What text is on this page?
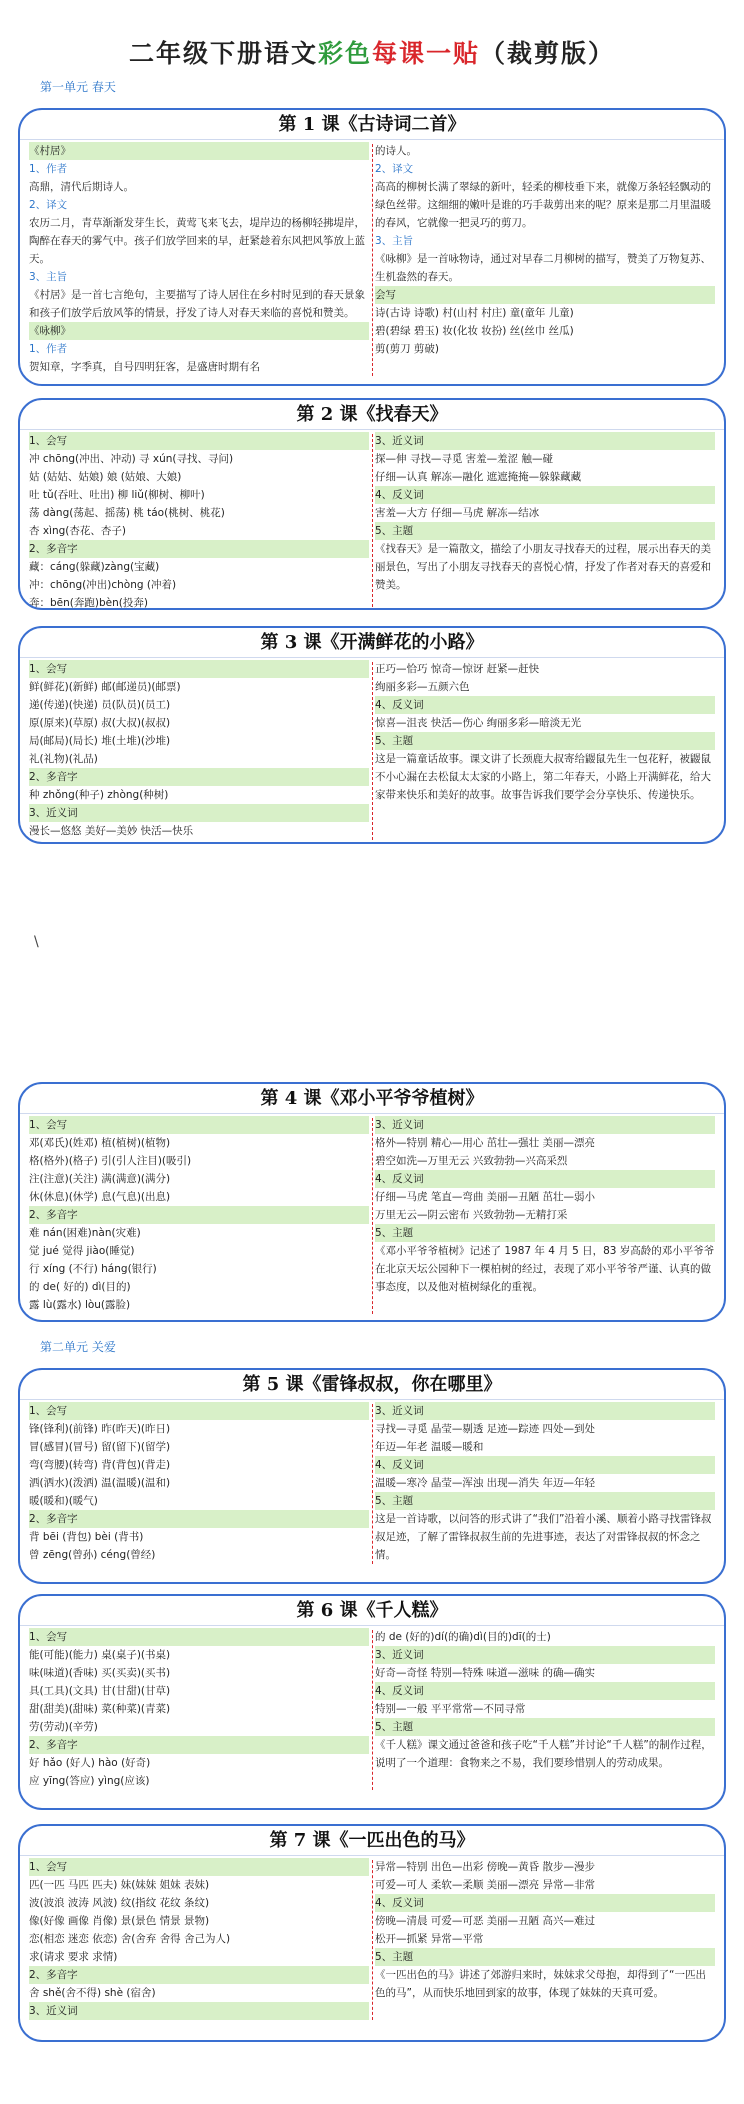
二年级下册语文彩色每课一贴（裁剪版）
第一单元 春天
第二单元 关爱
\
第 1 课《古诗词二首》
《村居》
1、作者
高鼎，清代后期诗人。
2、译文
农历二月，青草渐渐发芽生长，黄莺飞来飞去，堤岸边的杨柳轻拂堤岸，陶醉在春天的雾气中。孩子们放学回来的早，赶紧趁着东风把风筝放上蓝天。
3、主旨
《村居》是一首七言绝句，主要描写了诗人居住在乡村时见到的春天景象和孩子们放学后放风筝的情景，抒发了诗人对春天来临的喜悦和赞美。
《咏柳》
1、作者
贺知章，字季真，自号四明狂客，是盛唐时期有名
的诗人。
2、译文
高高的柳树长满了翠绿的新叶，轻柔的柳枝垂下来，就像万条轻轻飘动的绿色丝带。这细细的嫩叶是谁的巧手裁剪出来的呢？原来是那二月里温暖的春风，它就像一把灵巧的剪刀。
3、主旨
《咏柳》是一首咏物诗，通过对早春二月柳树的描写，赞美了万物复苏、生机盎然的春天。
会写
诗(古诗 诗歌) 村(山村 村庄) 童(童年 儿童)
碧(碧绿 碧玉) 妆(化妆 妆扮) 丝(丝巾 丝瓜)
剪(剪刀 剪破)
第 2 课《找春天》
1、会写
冲 chōng(冲出、冲动) 寻 xún(寻找、寻问)
姑 (姑姑、姑娘) 娘 (姑娘、大娘)
吐 tǔ(吞吐、吐出) 柳 liǔ(柳树、柳叶)
荡 dàng(荡起、摇荡) 桃 táo(桃树、桃花)
杏 xìng(杏花、杏子)
2、多音字
藏：cáng(躲藏)zàng(宝藏)
冲：chōng(冲出)chòng (冲着)
奔：bēn(奔跑)bèn(投奔)
3、近义词
探—伸 寻找—寻觅 害羞—羞涩 触—碰
仔细—认真 解冻—融化 遮遮掩掩—躲躲藏藏
4、反义词
害羞—大方 仔细—马虎 解冻—结冰
5、主题
《找春天》是一篇散文，描绘了小朋友寻找春天的过程，展示出春天的美丽景色，写出了小朋友寻找春天的喜悦心情，抒发了作者对春天的喜爱和赞美。
第 3 课《开满鲜花的小路》
1、会写
鲜(鲜花)(新鲜) 邮(邮递员)(邮票)
递(传递)(快递) 员(队员)(员工)
原(原来)(草原) 叔(大叔)(叔叔)
局(邮局)(局长) 堆(土堆)(沙堆)
礼(礼物)(礼品)
2、多音字
种 zhǒng(种子) zhòng(种树)
3、近义词
漫长—悠悠 美好—美妙 快活—快乐
正巧—恰巧 惊奇—惊讶 赶紧—赶快
绚丽多彩—五颜六色
4、反义词
惊喜—沮丧 快活—伤心 绚丽多彩—暗淡无光
5、主题
这是一篇童话故事。课文讲了长颈鹿大叔寄给鼹鼠先生一包花籽，被鼹鼠不小心漏在去松鼠太太家的小路上，第二年春天，小路上开满鲜花，给大家带来快乐和美好的故事。故事告诉我们要学会分享快乐、传递快乐。
第 4 课《邓小平爷爷植树》
1、会写
邓(邓氏)(姓邓) 植(植树)(植物)
格(格外)(格子) 引(引人注目)(吸引)
注(注意)(关注) 满(满意)(满分)
休(休息)(休学) 息(气息)(出息)
2、多音字
难 nán(困难)nàn(灾难)
觉 jué 觉得 jiào(睡觉)
行 xíng (不行) háng(银行)
的 de( 好的) dì(目的)
露 lù(露水) lòu(露脸)
3、近义词
格外—特别 精心—用心 茁壮—强壮 美丽—漂亮
碧空如洗—万里无云 兴致勃勃—兴高采烈
4、反义词
仔细—马虎 笔直—弯曲 美丽—丑陋 茁壮—弱小
万里无云—阴云密布 兴致勃勃—无精打采
5、主题
《邓小平爷爷植树》记述了 1987 年 4 月 5 日，83 岁高龄的邓小平爷爷在北京天坛公园种下一棵柏树的经过，表现了邓小平爷爷严谨、认真的做事态度，以及他对植树绿化的重视。
第 5 课《雷锋叔叔，你在哪里》
1、会写
锋(锋利)(前锋) 昨(昨天)(昨日)
冒(感冒)(冒号) 留(留下)(留学)
弯(弯腰)(转弯) 背(背包)(背走)
洒(洒水)(泼洒) 温(温暖)(温和)
暖(暖和)(暖气)
2、多音字
背 bēi (背包) bèi (背书)
曾 zēng(曾孙) céng(曾经)
3、近义词
寻找—寻觅 晶莹—剔透 足迹—踪迹 四处—到处
年迈—年老 温暖—暖和
4、反义词
温暖—寒冷 晶莹—浑浊 出现—消失 年迈—年轻
5、主题
这是一首诗歌，以问答的形式讲了“我们”沿着小溪、顺着小路寻找雷锋叔叔足迹，了解了雷锋叔叔生前的先进事迹，表达了对雷锋叔叔的怀念之情。
第 6 课《千人糕》
1、会写
能(可能)(能力) 桌(桌子)(书桌)
味(味道)(香味) 买(买卖)(买书)
具(工具)(文具) 甘(甘甜)(甘草)
甜(甜美)(甜味) 菜(种菜)(青菜)
劳(劳动)(辛劳)
2、多音字
好 hǎo (好人) hào (好奇)
应 yīng(答应) yìng(应该)
的 de (好的)dí(的确)dì(目的)dī(的士)
3、近义词
好奇—奇怪 特别—特殊 味道—滋味 的确—确实
4、反义词
特别—一般 平平常常—不同寻常
5、主题
《千人糕》课文通过爸爸和孩子吃“千人糕”并讨论“千人糕”的制作过程，说明了一个道理：食物来之不易，我们要珍惜别人的劳动成果。
第 7 课《一匹出色的马》
1、会写
匹(一匹 马匹 匹夫) 妹(妹妹 姐妹 表妹)
波(波浪 波涛 风波) 纹(指纹 花纹 条纹)
像(好像 画像 肖像) 景(景色 情景 景物)
恋(相恋 迷恋 依恋) 舍(舍弃 舍得 舍己为人)
求(请求 要求 求情)
2、多音字
舍 shě(舍不得) shè (宿舍)
3、近义词
异常—特别 出色—出彩 傍晚—黄昏 散步—漫步
可爱—可人 柔软—柔顺 美丽—漂亮 异常—非常
4、反义词
傍晚—清晨 可爱—可恶 美丽—丑陋 高兴—难过
松开—抓紧 异常—平常
5、主题
《一匹出色的马》讲述了郊游归来时，妹妹求父母抱，却得到了“一匹出色的马”，从而快乐地回到家的故事，体现了妹妹的天真可爱。
